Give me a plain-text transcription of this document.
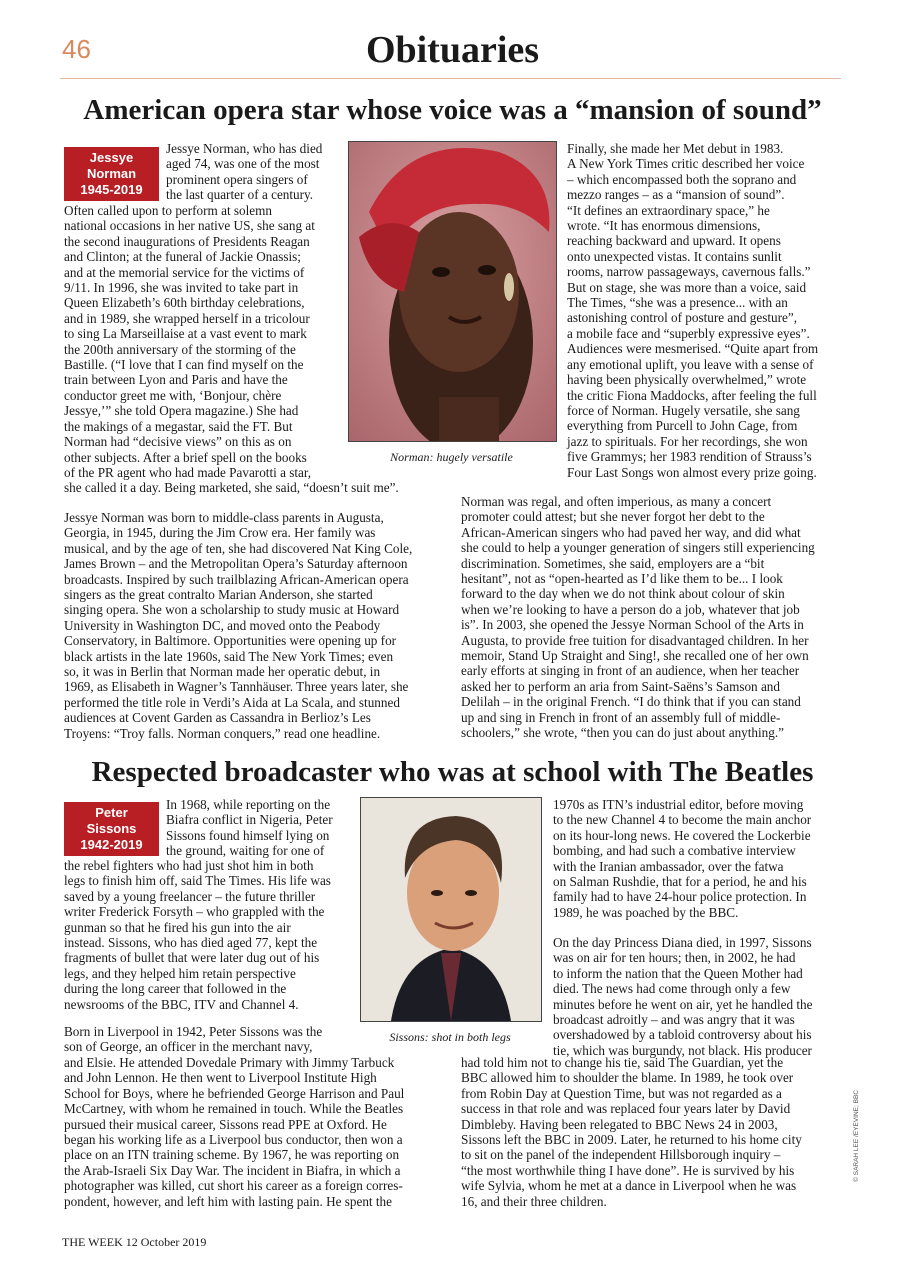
46	Obituaries
American opera star whose voice was a “mansion of sound”
Jessye
Norman
1945-2019
Jessye Norman, who has died
aged 74, was one of the most
prominent opera singers of
the last quarter of a century.
Often called upon to perform at solemn
national occasions in her native US, she sang at
the second inaugurations of Presidents Reagan
and Clinton; at the funeral of Jackie Onassis;
and at the memorial service for the victims of
9/11. In 1996, she was invited to take part in
Queen Elizabeth’s 60th birthday celebrations,
and in 1989, she wrapped herself in a tricolour
to sing La Marseillaise at a vast event to mark
the 200th anniversary of the storming of the
Bastille. (“I love that I can find myself on the
train between Lyon and Paris and have the
conductor greet me with, ‘Bonjour, chère
Jessye,’” she told Opera magazine.) She had
the makings of a megastar, said the FT. But
Norman had “decisive views” on this as on
other subjects. After a brief spell on the books
of the PR agent who had made Pavarotti a star,
she called it a day. Being marketed, she said, “doesn’t suit me”.
Norman: hugely versatile
Finally, she made her Met debut in 1983.
A New York Times critic described her voice
– which encompassed both the soprano and
mezzo ranges – as a “mansion of sound”.
“It defines an extraordinary space,” he
wrote. “It has enormous dimensions,
reaching backward and upward. It opens
onto unexpected vistas. It contains sunlit
rooms, narrow passageways, cavernous falls.”
But on stage, she was more than a voice, said
The Times, “she was a presence... with an
astonishing control of posture and gesture”,
a mobile face and “superbly expressive eyes”.
Audiences were mesmerised. “Quite apart from
any emotional uplift, you leave with a sense of
having been physically overwhelmed,” wrote
the critic Fiona Maddocks, after feeling the full
force of Norman. Hugely versatile, she sang
everything from Purcell to John Cage, from
jazz to spirituals. For her recordings, she won
five Grammys; her 1983 rendition of Strauss’s
Four Last Songs won almost every prize going.
Jessye Norman was born to middle-class parents in Augusta,
Georgia, in 1945, during the Jim Crow era. Her family was
musical, and by the age of ten, she had discovered Nat King Cole,
James Brown – and the Metropolitan Opera’s Saturday afternoon
broadcasts. Inspired by such trailblazing African-American opera
singers as the great contralto Marian Anderson, she started
singing opera. She won a scholarship to study music at Howard
University in Washington DC, and moved onto the Peabody
Conservatory, in Baltimore. Opportunities were opening up for
black artists in the late 1960s, said The New York Times; even
so, it was in Berlin that Norman made her operatic debut, in
1969, as Elisabeth in Wagner’s Tannhäuser. Three years later, she
performed the title role in Verdi’s Aida at La Scala, and stunned
audiences at Covent Garden as Cassandra in Berlioz’s Les
Troyens: “Troy falls. Norman conquers,” read one headline.
Norman was regal, and often imperious, as many a concert
promoter could attest; but she never forgot her debt to the
African-American singers who had paved her way, and did what
she could to help a younger generation of singers still experiencing
discrimination. Sometimes, she said, employers are a “bit
hesitant”, not as “open-hearted as I’d like them to be... I look
forward to the day when we do not think about colour of skin
when we’re looking to have a person do a job, whatever that job
is”. In 2003, she opened the Jessye Norman School of the Arts in
Augusta, to provide free tuition for disadvantaged children. In her
memoir, Stand Up Straight and Sing!, she recalled one of her own
early efforts at singing in front of an audience, when her teacher
asked her to perform an aria from Saint-Saëns’s Samson and
Delilah – in the original French. “I do think that if you can stand
up and sing in French in front of an assembly full of middle-
schoolers,” she wrote, “then you can do just about anything.”
Respected broadcaster who was at school with The Beatles
Peter
Sissons
1942-2019
In 1968, while reporting on the
Biafra conflict in Nigeria, Peter
Sissons found himself lying on
the ground, waiting for one of
the rebel fighters who had just shot him in both
legs to finish him off, said The Times. His life was
saved by a young freelancer – the future thriller
writer Frederick Forsyth – who grappled with the
gunman so that he fired his gun into the air
instead. Sissons, who has died aged 77, kept the
fragments of bullet that were later dug out of his
legs, and they helped him retain perspective
during the long career that followed in the
newsrooms of the BBC, ITV and Channel 4.
Sissons: shot in both legs
Born in Liverpool in 1942, Peter Sissons was the
son of George, an officer in the merchant navy,
and Elsie. He attended Dovedale Primary with Jimmy Tarbuck
and John Lennon. He then went to Liverpool Institute High
School for Boys, where he befriended George Harrison and Paul
McCartney, with whom he remained in touch. While the Beatles
pursued their musical career, Sissons read PPE at Oxford. He
began his working life as a Liverpool bus conductor, then won a
place on an ITN training scheme. By 1967, he was reporting on
the Arab-Israeli Six Day War. The incident in Biafra, in which a
photographer was killed, cut short his career as a foreign corres-
pondent, however, and left him with lasting pain. He spent the
1970s as ITN’s industrial editor, before moving
to the new Channel 4 to become the main anchor
on its hour-long news. He covered the Lockerbie
bombing, and had such a combative interview
with the Iranian ambassador, over the fatwa
on Salman Rushdie, that for a period, he and his
family had to have 24-hour police protection. In
1989, he was poached by the BBC.
On the day Princess Diana died, in 1997, Sissons
was on air for ten hours; then, in 2002, he had
to inform the nation that the Queen Mother had
died. The news had come through only a few
minutes before he went on air, yet he handled the
broadcast adroitly – and was angry that it was
overshadowed by a tabloid controversy about his
tie, which was burgundy, not black. His producer
had told him not to change his tie, said The Guardian, yet the
BBC allowed him to shoulder the blame. In 1989, he took over
from Robin Day at Question Time, but was not regarded as a
success in that role and was replaced four years later by David
Dimbleby. Having been relegated to BBC News 24 in 2003,
Sissons left the BBC in 2009. Later, he returned to his home city
to sit on the panel of the independent Hillsborough inquiry –
“the most worthwhile thing I have done”. He is survived by his
wife Sylvia, whom he met at a dance in Liverpool when he was
16, and their three children.
THE WEEK 12 October 2019
© SARAH LEE /EYEVINE; BBC
